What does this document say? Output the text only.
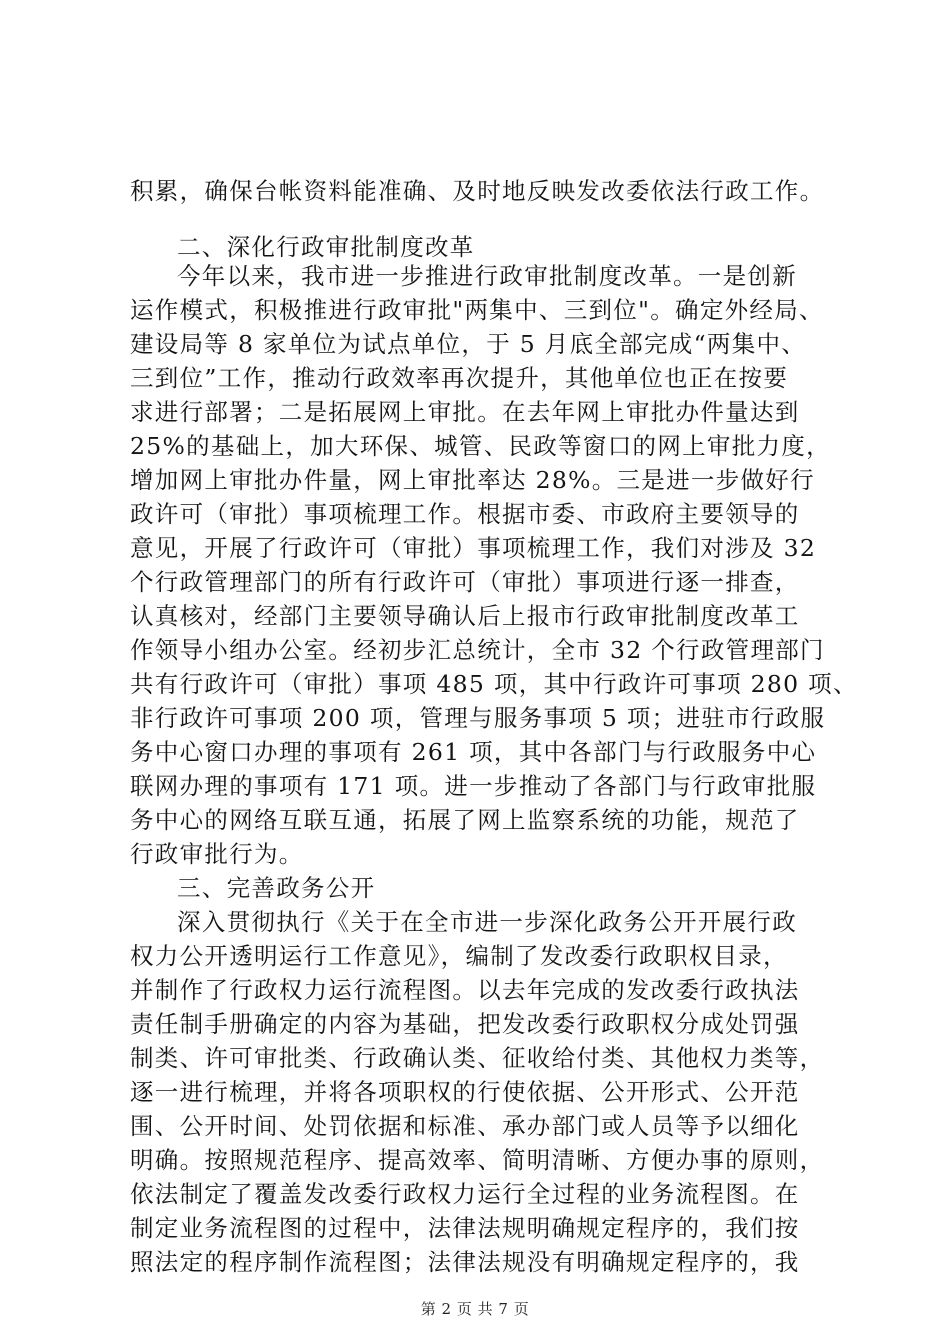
积累，确保台帐资料能准确、及时地反映发改委依法行政工作。
二、深化行政审批制度改革
今年以来，我市进一步推进行政审批制度改革。一是创新
运作模式，积极推进行政审批"两集中、三到位"。确定外经局、
建设局等 8 家单位为试点单位，于 5 月底全部完成“两集中、
三到位”工作，推动行政效率再次提升，其他单位也正在按要
求进行部署；二是拓展网上审批。在去年网上审批办件量达到
25%的基础上，加大环保、城管、民政等窗口的网上审批力度，
增加网上审批办件量，网上审批率达 28%。三是进一步做好行
政许可（审批）事项梳理工作。根据市委、市政府主要领导的
意见，开展了行政许可（审批）事项梳理工作，我们对涉及 32
个行政管理部门的所有行政许可（审批）事项进行逐一排查，
认真核对，经部门主要领导确认后上报市行政审批制度改革工
作领导小组办公室。经初步汇总统计，全市 32 个行政管理部门
共有行政许可（审批）事项 485 项，其中行政许可事项 280 项、
非行政许可事项 200 项，管理与服务事项 5 项；进驻市行政服
务中心窗口办理的事项有 261 项，其中各部门与行政服务中心
联网办理的事项有 171 项。进一步推动了各部门与行政审批服
务中心的网络互联互通，拓展了网上监察系统的功能，规范了
行政审批行为。
三、完善政务公开
深入贯彻执行《关于在全市进一步深化政务公开开展行政
权力公开透明运行工作意见》，编制了发改委行政职权目录，
并制作了行政权力运行流程图。以去年完成的发改委行政执法
责任制手册确定的内容为基础，把发改委行政职权分成处罚强
制类、许可审批类、行政确认类、征收给付类、其他权力类等，
逐一进行梳理，并将各项职权的行使依据、公开形式、公开范
围、公开时间、处罚依据和标准、承办部门或人员等予以细化
明确。按照规范程序、提高效率、简明清晰、方便办事的原则，
依法制定了覆盖发改委行政权力运行全过程的业务流程图。在
制定业务流程图的过程中，法律法规明确规定程序的，我们按
照法定的程序制作流程图；法律法规没有明确规定程序的，我
第 2 页 共 7 页
